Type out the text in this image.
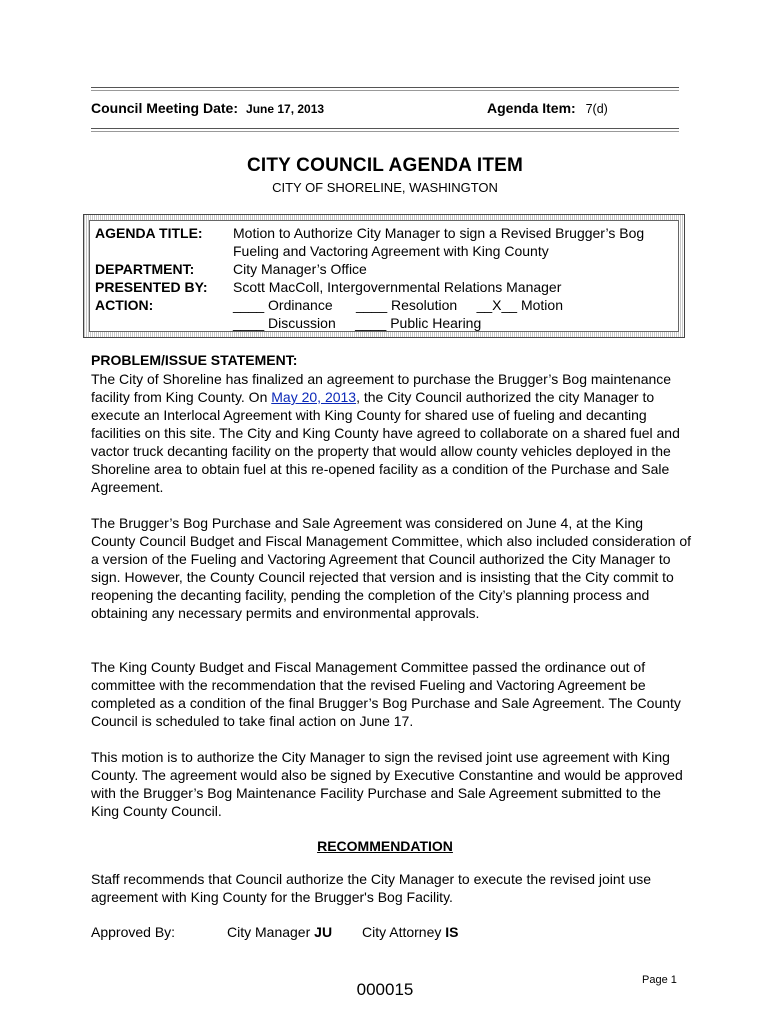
Council Meeting Date: June 17, 2013	Agenda Item: 7(d)
CITY COUNCIL AGENDA ITEM
CITY OF SHORELINE, WASHINGTON
AGENDA TITLE: Motion to Authorize City Manager to sign a Revised Brugger’s Bog
Fueling and Vactoring Agreement with King County
DEPARTMENT:	City Manager’s Office
PRESENTED BY: Scott MacColl, Intergovernmental Relations Manager
ACTION:	____ Ordinance      ____ Resolution     __X__ Motion
____ Discussion     ____ Public Hearing
PROBLEM/ISSUE STATEMENT:

The City of Shoreline has finalized an agreement to purchase the Brugger’s Bog maintenance facility from King County. On May 20, 2013, the City Council authorized the city Manager to execute an Interlocal Agreement with King County for shared use of fueling and decanting facilities on this site. The City and King County have agreed to collaborate on a shared fuel and vactor truck decanting facility on the property that would allow county vehicles deployed in the Shoreline area to obtain fuel at this re-opened facility as a condition of the Purchase and Sale Agreement.

The Brugger’s Bog Purchase and Sale Agreement was considered on June 4, at the King County Council Budget and Fiscal Management Committee, which also included consideration of a version of the Fueling and Vactoring Agreement that Council authorized the City Manager to sign. However, the County Council rejected that version and is insisting that the City commit to reopening the decanting facility, pending the completion of the City’s planning process and obtaining any necessary permits and environmental approvals.

The King County Budget and Fiscal Management Committee passed the ordinance out of committee with the recommendation that the revised Fueling and Vactoring Agreement be completed as a condition of the final Brugger’s Bog Purchase and Sale Agreement. The County Council is scheduled to take final action on June 17.

This motion is to authorize the City Manager to sign the revised joint use agreement with King County. The agreement would also be signed by Executive Constantine and would be approved with the Brugger’s Bog Maintenance Facility Purchase and Sale Agreement submitted to the King County Council.

RECOMMENDATION

Staff recommends that Council authorize the City Manager to execute the revised joint use agreement with King County for the Brugger's Bog Facility.

Approved By:	City Manager JU City Attorney IS
000015	Page 1
